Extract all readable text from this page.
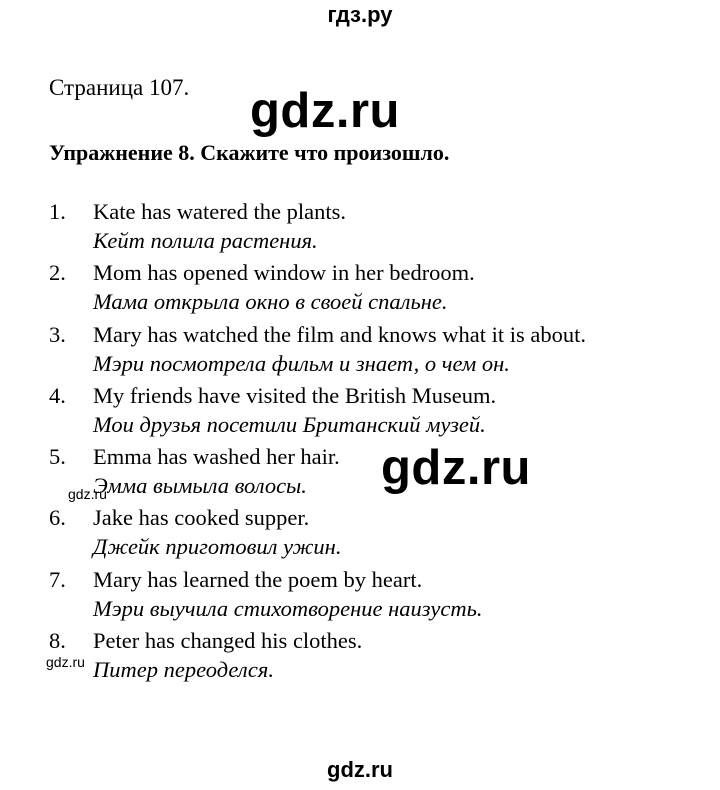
гдз.ру
Страница 107. gdz.ru
Упражнение 8. Скажите что произошло.
1. Kate has watered the plants.
Кейт полила растения.
2. Mom has opened window in her bedroom.
Мама открыла окно в своей спальне.
3. Mary has watched the film and knows what it is about.
Мэри посмотрела фильм и знает, о чем он.
4. My friends have visited the British Museum.
Мои друзья посетили Британский музей.
5. Emma has washed her hair.
Эмма вымыла волосы.
6. Jake has cooked supper.
Джейк приготовил ужин.
7. Mary has learned the poem by heart.
Мэри выучила стихотворение наизусть.
8. Peter has changed his clothes.
Питер переоделся.
gdz.ru
gdz.ru
gdz.ru
gdz.ru
